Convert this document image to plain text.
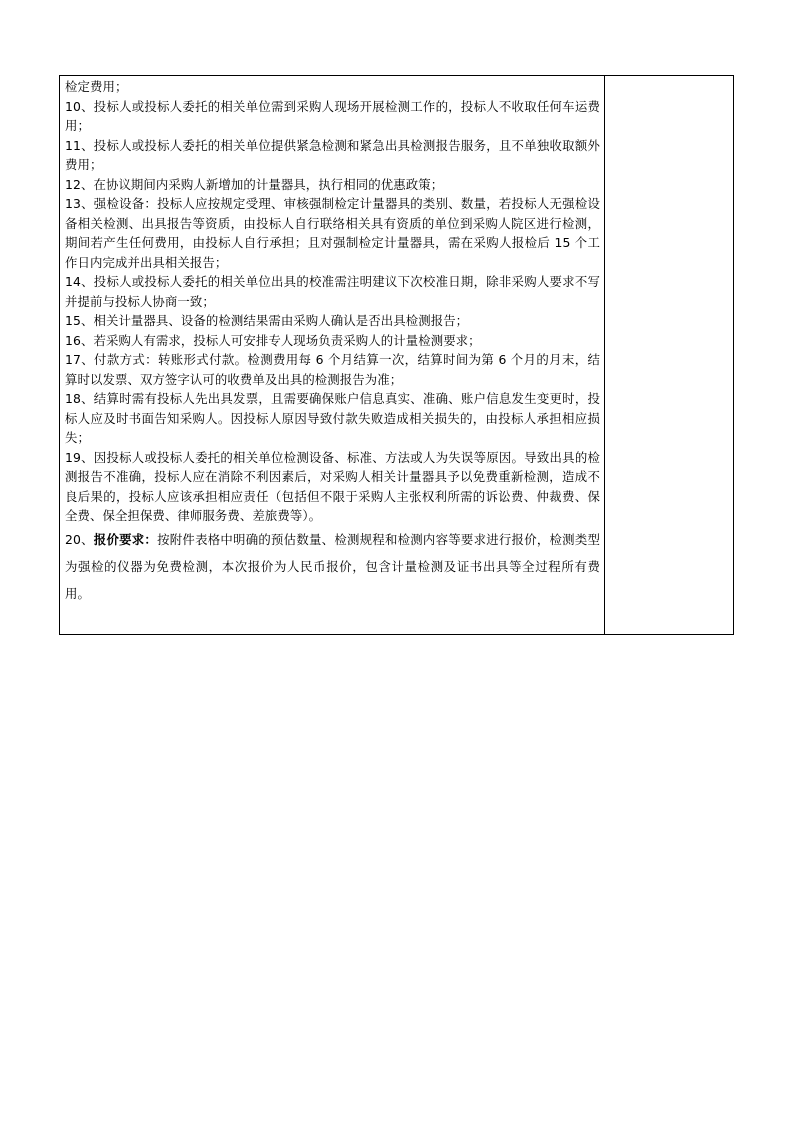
检定费用；

10、投标人或投标人委托的相关单位需到采购人现场开展检测工作的，投标人不收取任何车运费用；

11、投标人或投标人委托的相关单位提供紧急检测和紧急出具检测报告服务，且不单独收取额外费用；

12、在协议期间内采购人新增加的计量器具，执行相同的优惠政策；

13、强检设备：投标人应按规定受理、审核强制检定计量器具的类别、数量，若投标人无强检设备相关检测、出具报告等资质，由投标人自行联络相关具有资质的单位到采购人院区进行检测，期间若产生任何费用，由投标人自行承担；且对强制检定计量器具，需在采购人报检后 15 个工作日内完成并出具相关报告；

14、投标人或投标人委托的相关单位出具的校准需注明建议下次校准日期，除非采购人要求不写并提前与投标人协商一致；

15、相关计量器具、设备的检测结果需由采购人确认是否出具检测报告；

16、若采购人有需求，投标人可安排专人现场负责采购人的计量检测要求；

17、付款方式：转账形式付款。检测费用每 6 个月结算一次，结算时间为第 6 个月的月末，结算时以发票、双方签字认可的收费单及出具的检测报告为准；

18、结算时需有投标人先出具发票，且需要确保账户信息真实、准确、账户信息发生变更时，投标人应及时书面告知采购人。因投标人原因导致付款失败造成相关损失的，由投标人承担相应损失；

19、因投标人或投标人委托的相关单位检测设备、标准、方法或人为失误等原因。导致出具的检测报告不准确，投标人应在消除不利因素后，对采购人相关计量器具予以免费重新检测，造成不良后果的，投标人应该承担相应责任（包括但不限于采购人主张权利所需的诉讼费、仲裁费、保全费、保全担保费、律师服务费、差旅费等）。

20、报价要求：按附件表格中明确的预估数量、检测规程和检测内容等要求进行报价，检测类型为强检的仪器为免费检测，本次报价为人民币报价，包含计量检测及证书出具等全过程所有费用。
